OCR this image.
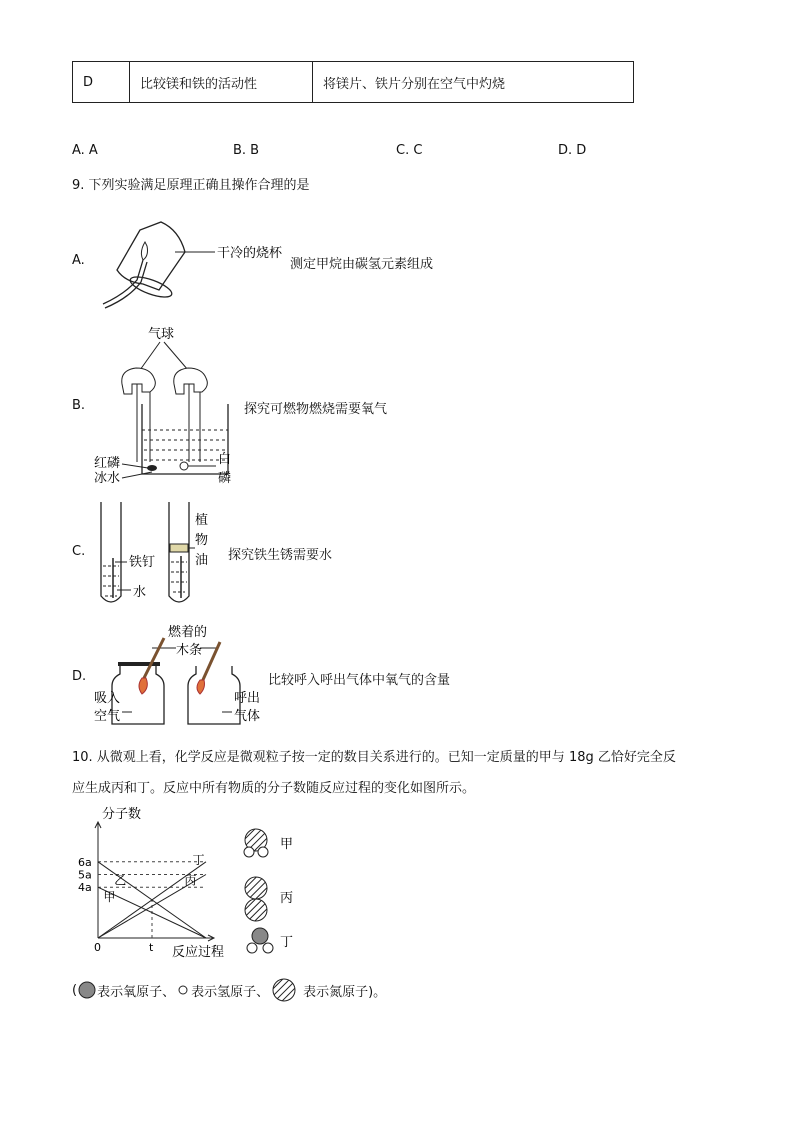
D	比较镁和铁的活动性	将镁片、铁片分别在空气中灼烧
A. A	B. B	C. C	D. D
9. 下列实验满足原理正确且操作合理的是
A.	干冷的烧杯
测定甲烷由碳氢元素组成
B.
气球
红磷
冰水
白
磷
探究可燃物燃烧需要氧气
C.
铁钉
水
植
物
油 探究铁生锈需要水
D.
燃着的
木条
吸入
空气
呼出
气体
比较呼入呼出气体中氧气的含量
10. 从微观上看，化学反应是微观粒子按一定的数目关系进行的。已知一定质量的甲与 18g 乙恰好完全反
应生成丙和丁。反应中所有物质的分子数随反应过程的变化如图所示。
分子数
反应过程
6a
5a
4a
0	t
丁
丙
乙
甲
甲
丙
丁
( 表示氧原子、 表示氢原子、	表示氮原子)。
